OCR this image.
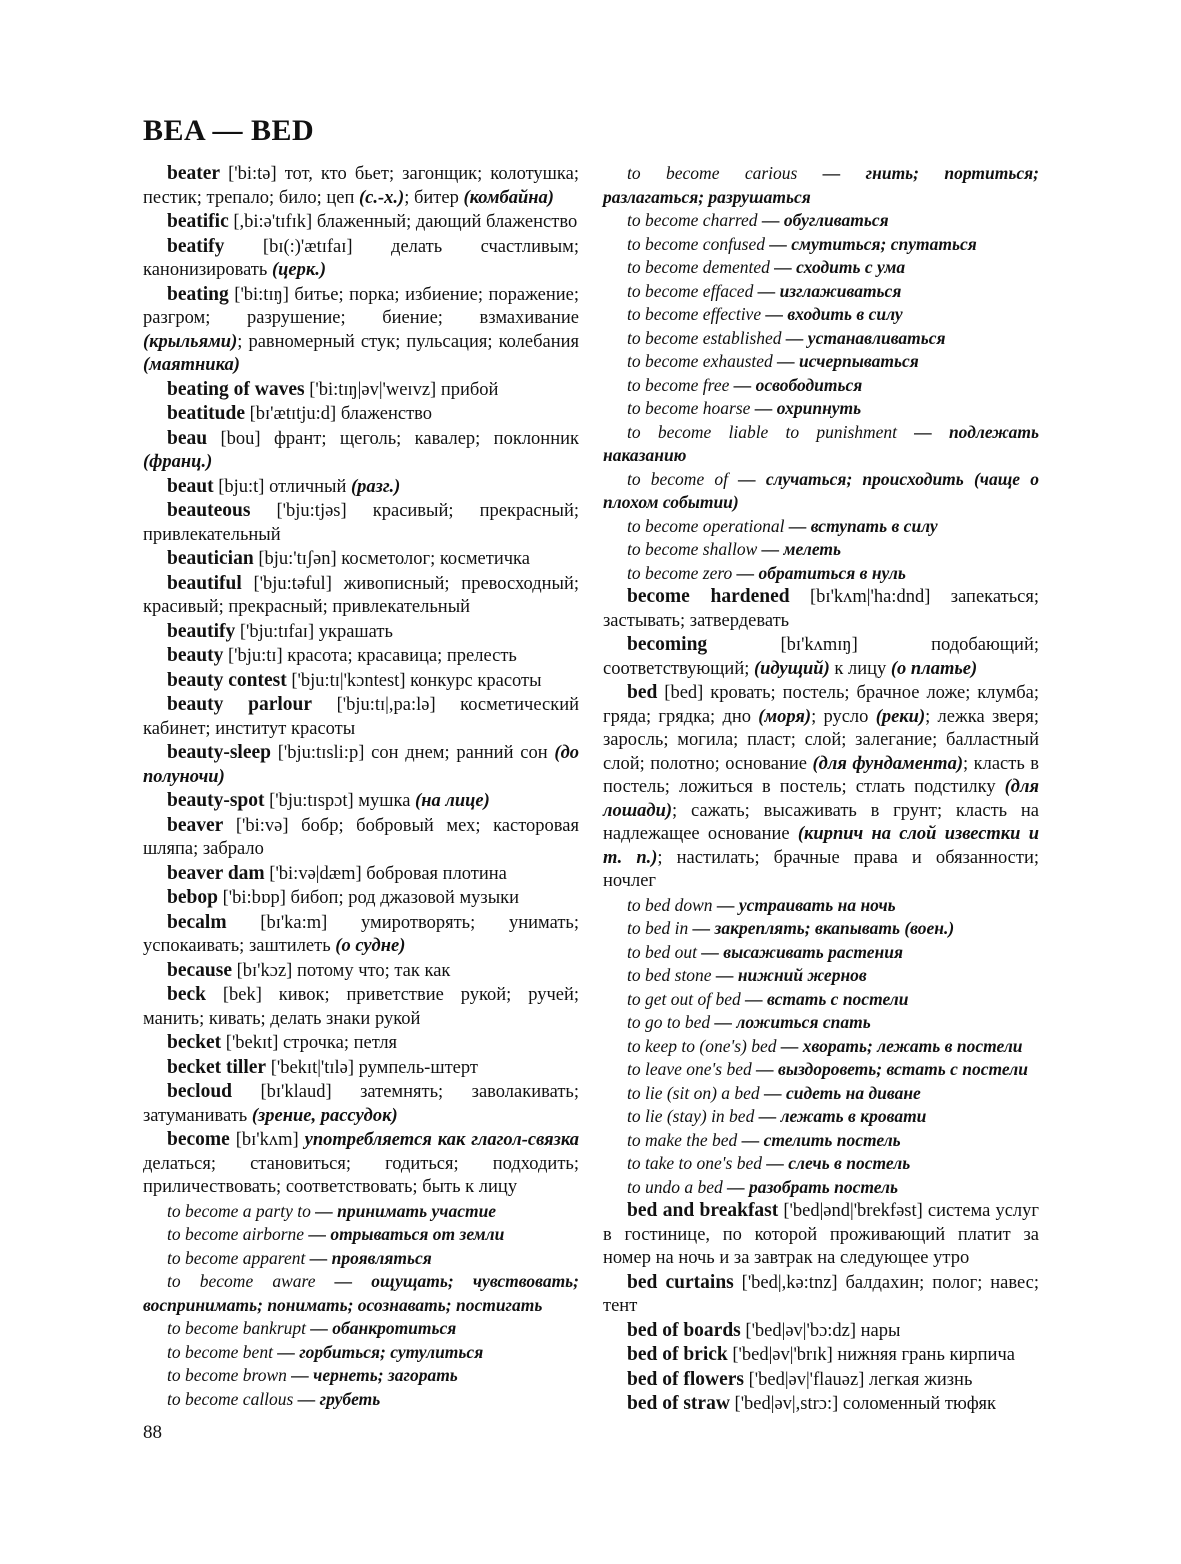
BEA — BED

beater ['bi:tə] тот, кто бьет; загонщик; колотушка; пестик; трепало; било; цеп (с.-х.); битер (комбайна)

beatific [,bi:ə'tɪfɪk] блаженный; дающий блаженство

beatify [bɪ(:)'ætɪfaɪ] делать счастливым; канонизировать (церк.)

beating ['bi:tɪŋ] битье; порка; избиение; поражение; разгром; разрушение; биение; взмахивание (крыльями); равномерный стук; пульсация; колебания (маятника)

beating of waves ['bi:tɪŋ|əv|'weɪvz] прибой

beatitude [bɪ'ætɪtju:d] блаженство

beau [bou] франт; щеголь; кавалер; поклонник (франц.)

beaut [bju:t] отличный (разг.)

beauteous ['bju:tjəs] красивый; прекрасный; привлекательный

beautician [bju:'tɪʃən] косметолог; косметичка

beautiful ['bju:təful] живописный; превосходный; красивый; прекрасный; привлекательный

beautify ['bju:tɪfaɪ] украшать

beauty ['bju:tɪ] красота; красавица; прелесть

beauty contest ['bju:tɪ|'kɔntest] конкурс красоты

beauty parlour ['bju:tɪ|,pa:lə] косметический кабинет; институт красоты

beauty-sleep ['bju:tɪsli:p] сон днем; ранний сон (до полуночи)

beauty-spot ['bju:tɪspɔt] мушка (на лице)

beaver ['bi:və] бобр; бобровый мех; касторовая шляпа; забрало

beaver dam ['bi:və|dæm] бобровая плотина

bebop ['bi:bɒp] бибоп; род джазовой музыки

becalm [bɪ'ka:m] умиротворять; унимать; успокаивать; заштилеть (о судне)

because [bɪ'kɔz] потому что; так как

beck [bek] кивок; приветствие рукой; ручей; манить; кивать; делать знаки рукой

becket ['bekɪt] строчка; петля

becket tiller ['bekɪt|'tɪlə] румпель-штерт

becloud [bɪ'klaud] затемнять; заволакивать; затуманивать (зрение, рассудок)

become [bɪ'kʌm] употребляется как глагол-связка делаться; становиться; годиться; подходить; приличествовать; соответствовать; быть к лицу

to become a party to — принимать участие

to become airborne — отрываться от земли

to become apparent — проявляться

to become aware — ощущать; чувствовать; воспринимать; понимать; осознавать; постигать

to become bankrupt — обанкротиться

to become bent — горбиться; сутулиться

to become brown — чернеть; загорать

to become callous — грубеть

to become carious — гнить; портиться; разлагаться; разрушаться

to become charred — обугливаться

to become confused — смутиться; спутаться

to become demented — сходить с ума

to become effaced — изглаживаться

to become effective — входить в силу

to become established — устанавливаться

to become exhausted — исчерпываться

to become free — освободиться

to become hoarse — охрипнуть

to become liable to punishment — подлежать наказанию

to become of — случаться; происходить (чаще о плохом событии)

to become operational — вступать в силу

to become shallow — мелеть

to become zero — обратиться в нуль

become hardened [bɪ'kʌm|'ha:dnd] запекаться; застывать; затвердевать

becoming [bɪ'kʌmɪŋ] подобающий; соответствующий; (идущий) к лицу (о платье)

bed [bed] кровать; постель; брачное ложе; клумба; гряда; грядка; дно (моря); русло (реки); лежка зверя; заросль; могила; пласт; слой; залегание; балластный слой; полотно; основание (для фундамента); класть в постель; ложиться в постель; стлать подстилку (для лошади); сажать; высаживать в грунт; класть на надлежащее основание (кирпич на слой известки и т. п.); настилать; брачные права и обязанности; ночлег

to bed down — устраивать на ночь

to bed in — закреплять; вкапывать (воен.)

to bed out — высаживать растения

to bed stone — нижний жернов

to get out of bed — встать с постели

to go to bed — ложиться спать

to keep to (one's) bed — хворать; лежать в постели

to leave one's bed — выздороветь; встать с постели

to lie (sit on) a bed — сидеть на диване

to lie (stay) in bed — лежать в кровати

to make the bed — стелить постель

to take to one's bed — слечь в постель

to undo a bed — разобрать постель

bed and breakfast ['bed|ənd|'brekfəst] система услуг в гостинице, по которой проживающий платит за номер на ночь и за завтрак на следующее утро

bed curtains ['bed|,kə:tnz] балдахин; полог; навес; тент

bed of boards ['bed|əv|'bɔ:dz] нары

bed of brick ['bed|əv|'brɪk] нижняя грань кирпича

bed of flowers ['bed|əv|'flauəz] легкая жизнь

bed of straw ['bed|əv|,strɔ:] соломенный тюфяк

88
